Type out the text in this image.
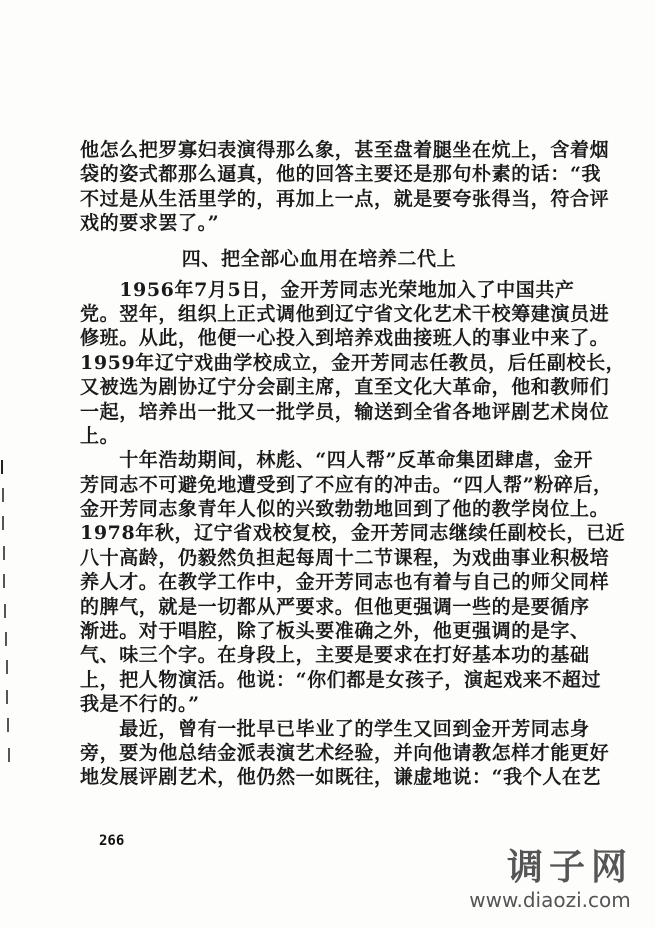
他怎么把罗寡妇表演得那么象，甚至盘着腿坐在炕上，含着烟
袋的姿式都那么逼真，他的回答主要还是那句朴素的话：“我
不过是从生活里学的，再加上一点，就是要夸张得当，符合评
戏的要求罢了。”
四、把全部心血用在培养二代上
　　1956年7月5日，金开芳同志光荣地加入了中国共产
党。翌年，组织上正式调他到辽宁省文化艺术干校筹建演员进
修班。从此，他便一心投入到培养戏曲接班人的事业中来了。
1959年辽宁戏曲学校成立，金开芳同志任教员，后任副校长，
又被选为剧协辽宁分会副主席，直至文化大革命，他和教师们
一起，培养出一批又一批学员，输送到全省各地评剧艺术岗位
上。
　　十年浩劫期间，林彪、“四人帮”反革命集团肆虐，金开
芳同志不可避免地遭受到了不应有的冲击。“四人帮”粉碎后，
金开芳同志象青年人似的兴致勃勃地回到了他的教学岗位上。
1978年秋，辽宁省戏校复校，金开芳同志继续任副校长，已近
八十高龄，仍毅然负担起每周十二节课程，为戏曲事业积极培
养人才。在教学工作中，金开芳同志也有着与自己的师父同样
的脾气，就是一切都从严要求。但他更强调一些的是要循序
渐进。对于唱腔，除了板头要准确之外，他更强调的是字、
气、味三个字。在身段上，主要是要求在打好基本功的基础
上，把人物演活。他说：“你们都是女孩子，演起戏来不超过
我是不行的。”
　　最近，曾有一批早已毕业了的学生又回到金开芳同志身
旁，要为他总结金派表演艺术经验，并向他请教怎样才能更好
地发展评剧艺术，他仍然一如既往，谦虚地说：“我个人在艺
266
调子网
www.diaozi.com
